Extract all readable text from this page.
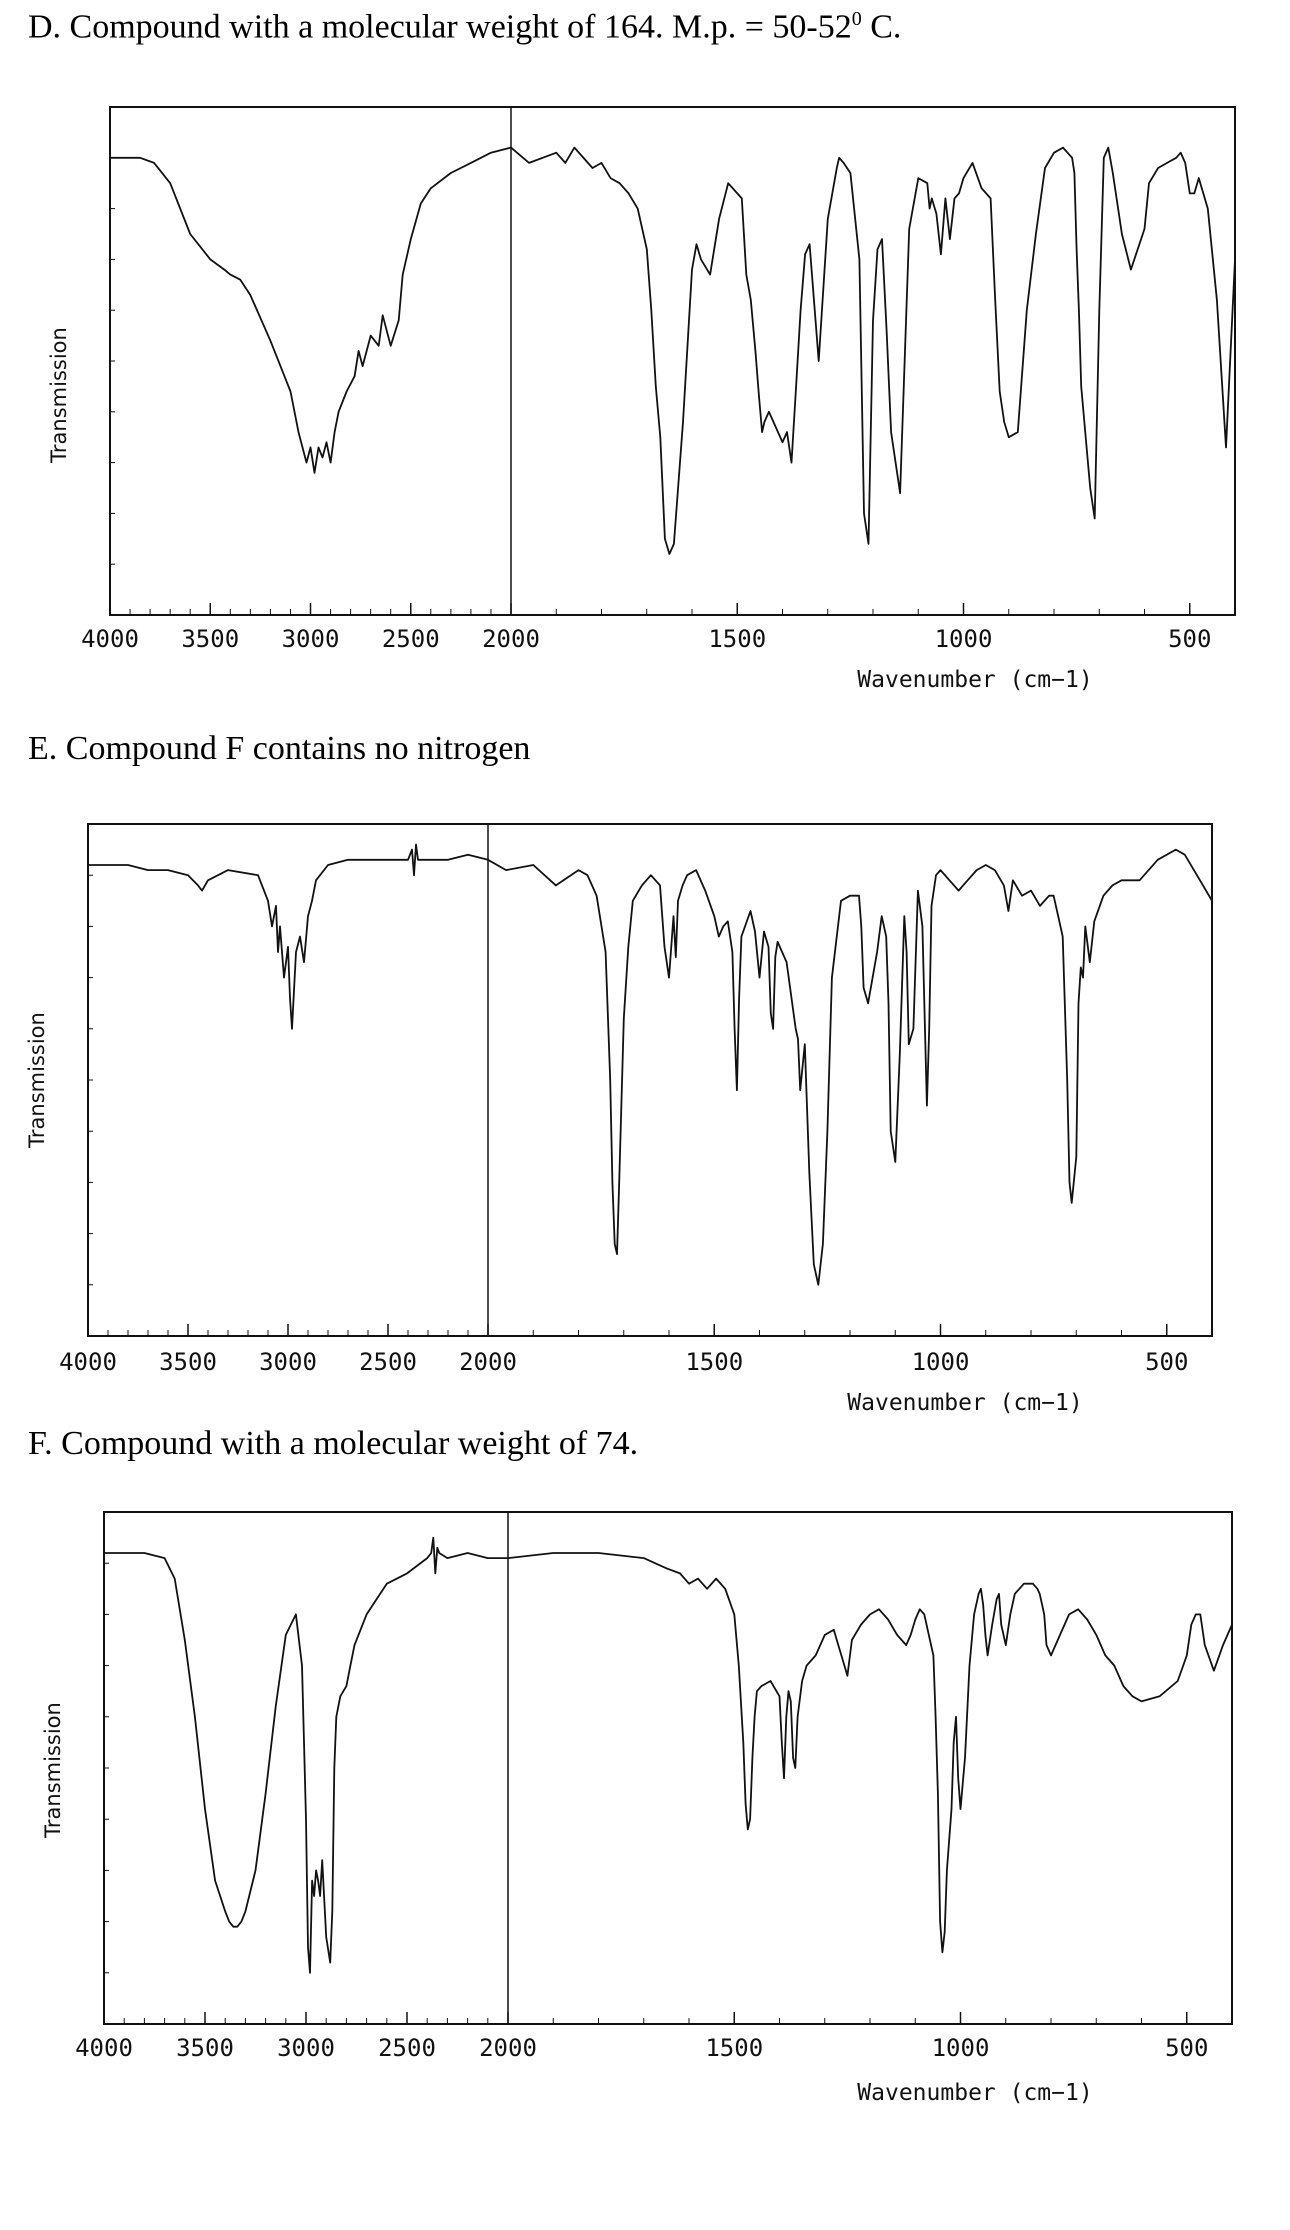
D. Compound with a molecular weight of 164. M.p. = $50-52^0$ C.
4000 3500 3000 2500 2000	1500	1000	500
Transmission
Wavenumber (cm−1)
E. Compound F contains no nitrogen
4000 3500 3000 2500 2000	1500	1000	500
Transmission
Wavenumber (cm−1)
F. Compound with a molecular weight of 74.
4000 3500 3000 2500 2000	1500	1000	500
Transmission
Wavenumber (cm−1)
